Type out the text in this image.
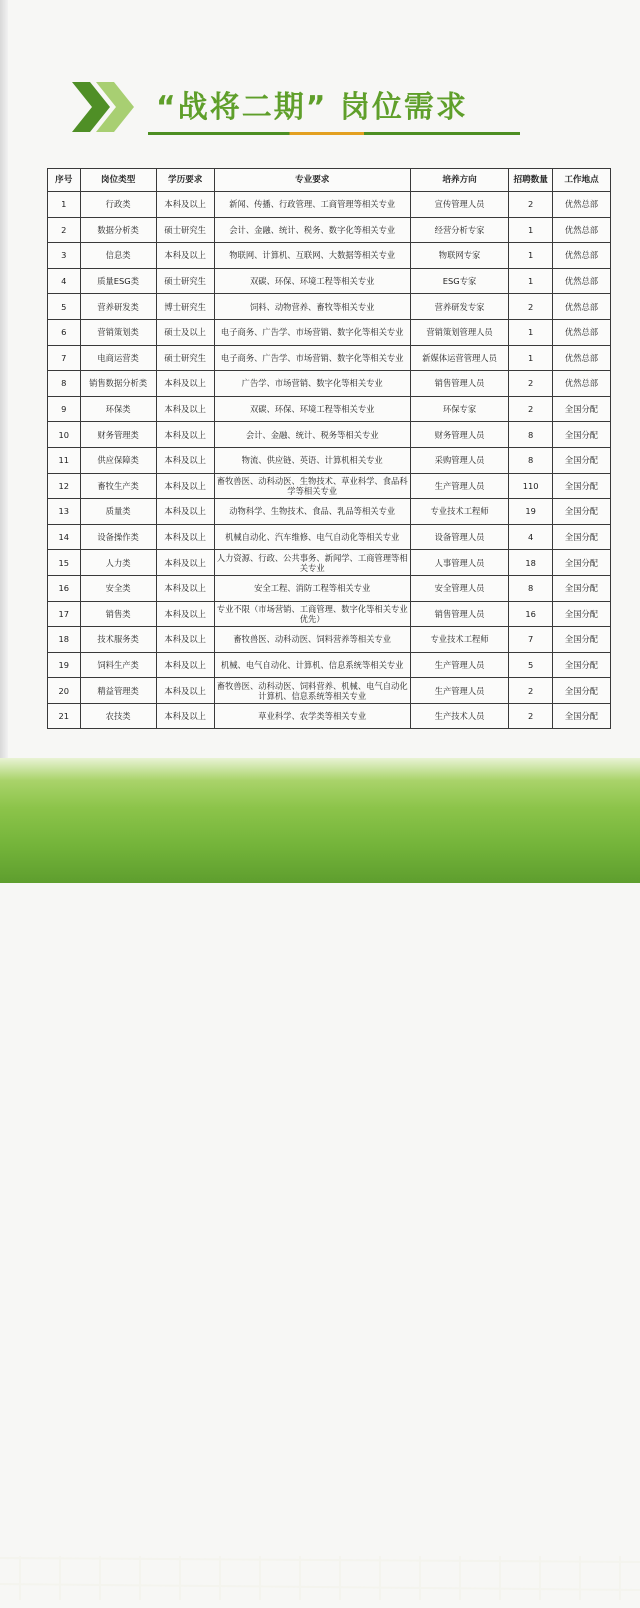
“战将二期” 岗位需求
序号	岗位类型	学历要求	专业要求	培养方向	招聘数量	工作地点
1	行政类	本科及以上	新闻、传播、行政管理、工商管理等相关专业	宣传管理人员	2	优然总部
2	数据分析类	硕士研究生	会计、金融、统计、税务、数字化等相关专业	经营分析专家	1	优然总部
3	信息类	本科及以上	物联网、计算机、互联网、大数据等相关专业	物联网专家	1	优然总部
4	质量ESG类	硕士研究生	双碳、环保、环境工程等相关专业	ESG专家	1	优然总部
5	营养研发类	博士研究生	饲料、动物营养、畜牧等相关专业	营养研发专家	2	优然总部
6	营销策划类	硕士及以上	电子商务、广告学、市场营销、数字化等相关专业	营销策划管理人员	1	优然总部
7	电商运营类	硕士研究生	电子商务、广告学、市场营销、数字化等相关专业	新媒体运营管理人员	1	优然总部
8	销售数据分析类	本科及以上	广告学、市场营销、数字化等相关专业	销售管理人员	2	优然总部
9	环保类	本科及以上	双碳、环保、环境工程等相关专业	环保专家	2	全国分配
10	财务管理类	本科及以上	会计、金融、统计、税务等相关专业	财务管理人员	8	全国分配
11	供应保障类	本科及以上	物流、供应链、英语、计算机相关专业	采购管理人员	8	全国分配
12	畜牧生产类	本科及以上	畜牧兽医、动科动医、生物技术、草业科学、食品科学等相关专业	生产管理人员	110	全国分配
13	质量类	本科及以上	动物科学、生物技术、食品、乳品等相关专业	专业技术工程师	19	全国分配
14	设备操作类	本科及以上	机械自动化、汽车维修、电气自动化等相关专业	设备管理人员	4	全国分配
15	人力类	本科及以上	人力资源、行政、公共事务、新闻学、工商管理等相关专业	人事管理人员	18	全国分配
16	安全类	本科及以上	安全工程、消防工程等相关专业	安全管理人员	8	全国分配
17	销售类	本科及以上	专业不限（市场营销、工商管理、数字化等相关专业优先）	销售管理人员	16	全国分配
18	技术服务类	本科及以上	畜牧兽医、动科动医、饲料营养等相关专业	专业技术工程师	7	全国分配
19	饲料生产类	本科及以上	机械、电气自动化、计算机、信息系统等相关专业	生产管理人员	5	全国分配
20	精益管理类	本科及以上	畜牧兽医、动科动医、饲料营养、机械、电气自动化计算机、信息系统等相关专业	生产管理人员	2	全国分配
21	农技类	本科及以上	草业科学、农学类等相关专业	生产技术人员	2	全国分配
